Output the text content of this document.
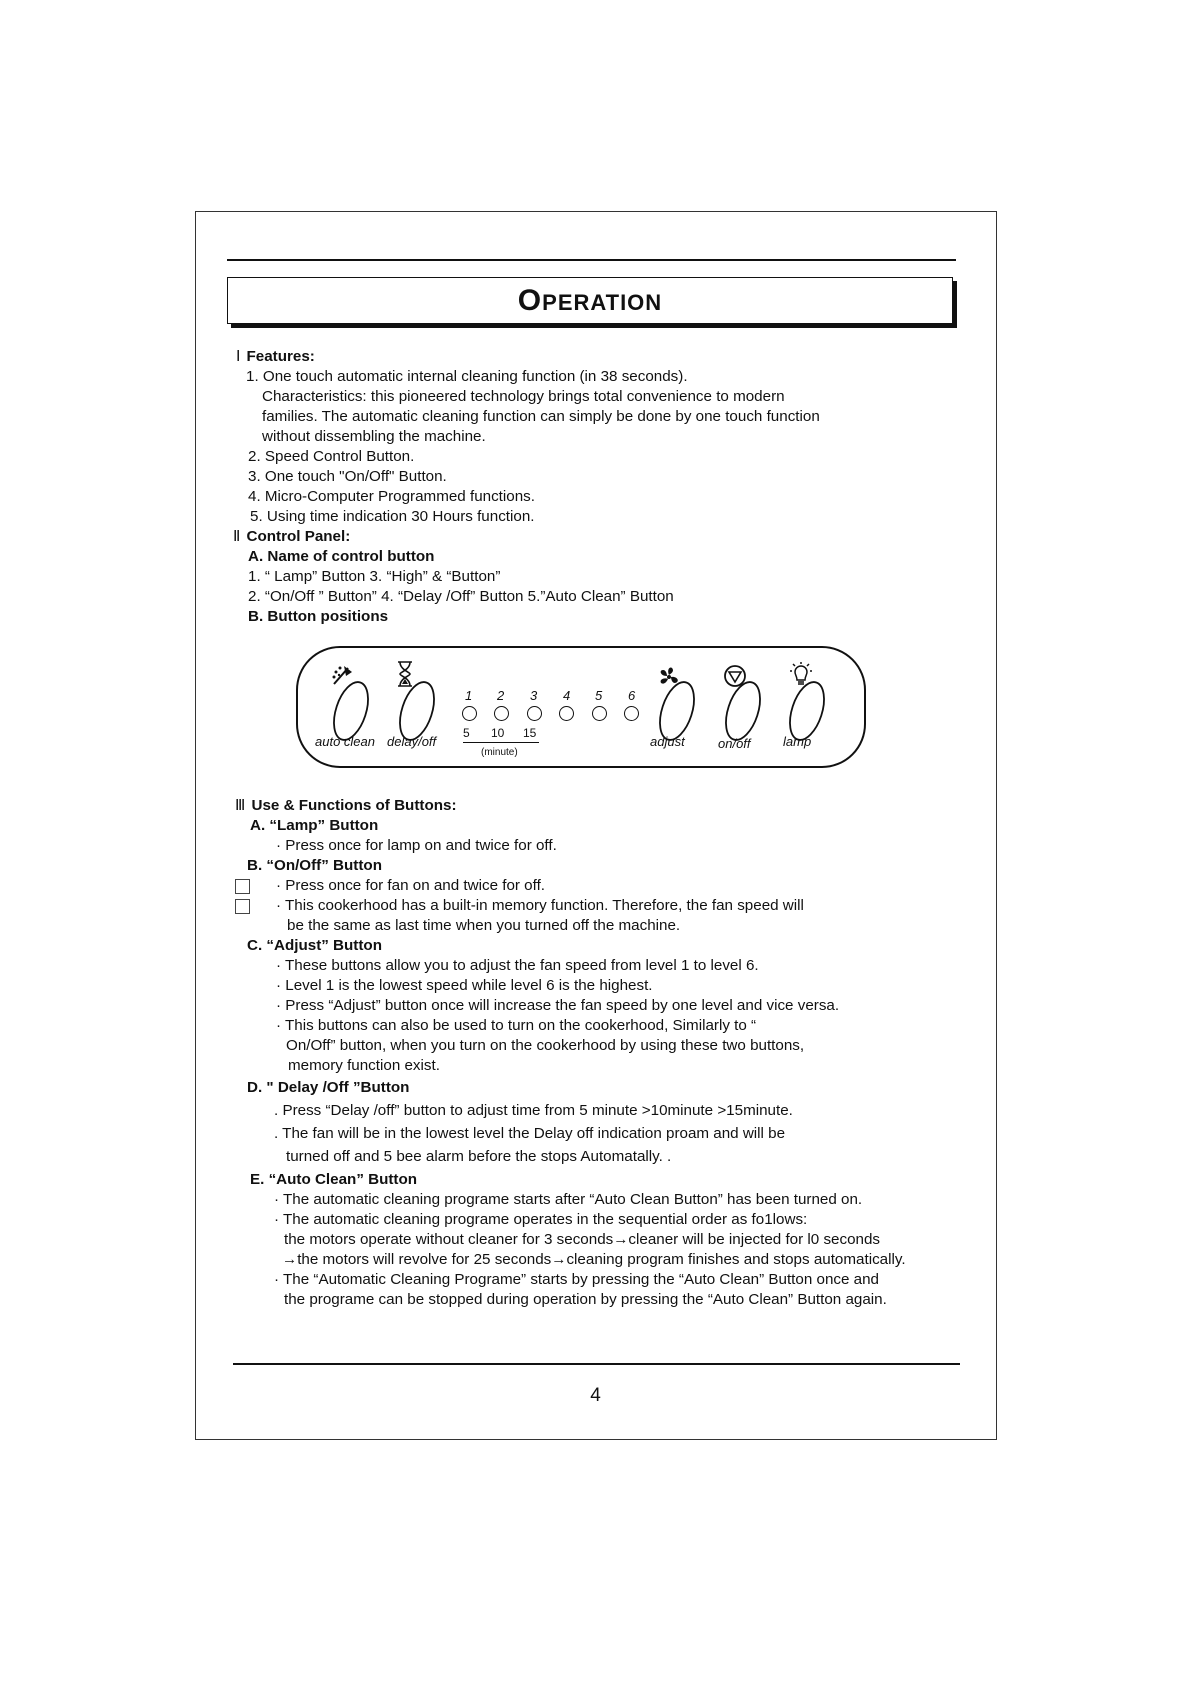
OPERATION
Ⅰ Features:
1. One touch automatic internal cleaning function (in 38 seconds).
Characteristics: this pioneered technology brings total convenience to modern
families. The automatic cleaning function can simply be done by one touch function
without dissembling the machine.
2. Speed Control Button.
3. One touch "On/Off" Button.
4. Micro-Computer Programmed functions.
5. Using time indication 30 Hours function.
Ⅱ Control Panel:
A. Name of control button
1. “ Lamp” Button 3. “High” & “Button”
2. “On/Off ” Button” 4. “Delay /Off” Button 5.”Auto Clean” Button
B. Button positions
1 2 3 4 5 6
5 10 15
(minute)
auto clean delay/off	adjust	on/off lamp
Ⅲ Use & Functions of Buttons:
A. “Lamp” Button
· Press once for lamp on and twice for off.
B. “On/Off” Button
· Press once for fan on and twice for off.
· This cookerhood has a built-in memory function. Therefore, the fan speed will
be the same as last time when you turned off the machine.
C. “Adjust” Button
· These buttons allow you to adjust the fan speed from level 1 to level 6.
· Level 1 is the lowest speed while level 6 is the highest.
· Press “Adjust” button once will increase the fan speed by one level and vice versa.
· This buttons can also be used to turn on the cookerhood, Similarly to “
On/Off” button, when you turn on the cookerhood by using these two buttons,
memory function exist.
D. " Delay /Off ”Button
. Press “Delay /off” button to adjust time from 5 minute >10minute >15minute.
. The fan will be in the lowest level the Delay off indication proam and will be
turned off and 5 bee alarm before the stops Automatally. .
E. “Auto Clean” Button
· The automatic cleaning programe starts after “Auto Clean Button” has been turned on.
· The automatic cleaning programe operates in the sequential order as fo1lows:
the motors operate without cleaner for 3 seconds→cleaner will be injected for l0 seconds
→the motors will revolve for 25 seconds→cleaning program finishes and stops automatically.
· The “Automatic Cleaning Programe” starts by pressing the “Auto Clean” Button once and
the programe can be stopped during operation by pressing the “Auto Clean” Button again.
4
